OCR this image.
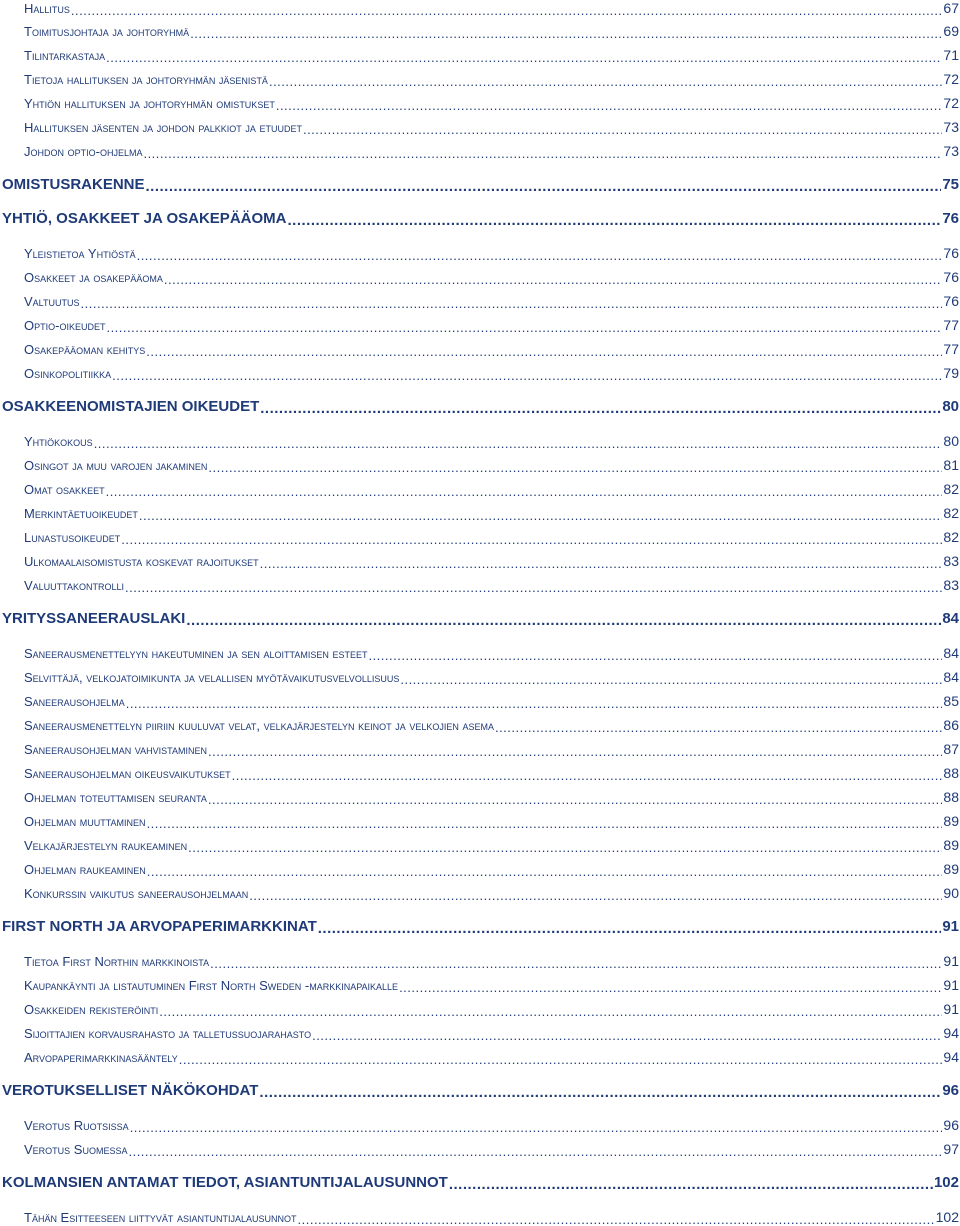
Hallitus .....	67
Toimitusjohtaja ja johtoryhmä .....	69
Tilintarkastaja .....	71
Tietoja hallituksen ja johtoryhmän jäsenistä .....	72
Yhtiön hallituksen ja johtoryhmän omistukset .....	72
Hallituksen jäsenten ja johdon palkkiot ja etuudet .....	73
Johdon optio-ohjelma .....	73
OMISTUSRAKENNE .....	75
YHTIÖ, OSAKKEET JA OSAKEPÄÄOMA .....	76
Yleistietoa Yhtiöstä .....	76
Osakkeet ja osakepääoma .....	76
Valtuutus .....	76
Optio-oikeudet .....	77
Osakepääoman kehitys .....	77
Osinkopolitiikka .....	79
OSAKKEENOMISTAJIEN OIKEUDET .....	80
Yhtiökokous .....	80
Osingot ja muu varojen jakaminen .....	81
Omat osakkeet .....	82
Merkintäetuoikeudet .....	82
Lunastusoikeudet .....	82
Ulkomaalaisomistusta koskevat rajoitukset .....	83
Valuuttakontrolli .....	83
YRITYSSANEERAUSLAKI .....	84
Saneerausmenettelyyn hakeutuminen ja sen aloittamisen esteet .....	84
Selvittäjä, velkojatoimikunta ja velallisen myötävaikutusvelvollisuus .....	84
Saneerausohjelma .....	85
Saneerausmenettelyn piiriin kuuluvat velat, velkajärjestelyn keinot ja velkojien asema .....	86
Saneerausohjelman vahvistaminen .....	87
Saneerausohjelman oikeusvaikutukset .....	88
Ohjelman toteuttamisen seuranta .....	88
Ohjelman muuttaminen .....	89
Velkajärjestelyn raukeaminen .....	89
Ohjelman raukeaminen .....	89
Konkurssin vaikutus saneerausohjelmaan .....	90
FIRST NORTH JA ARVOPAPERIMARKKINAT .....	91
Tietoa First Northin markkinoista .....	91
Kaupankäynti ja listautuminen First North Sweden -markkinapaikalle .....	91
Osakkeiden rekisteröinti .....	91
Sijoittajien korvausrahasto ja talletussuojarahasto .....	94
Arvopaperimarkkinasääntely .....	94
VEROTUKSELLISET NÄKÖKOHDAT .....	96
Verotus Ruotsissa .....	96
Verotus Suomessa .....	97
KOLMANSIEN ANTAMAT TIEDOT, ASIANTUNTIJALAUSUNNOT .....	102
Tähän Esitteeseen liittyvät asiantuntijalausunnot .....	102
